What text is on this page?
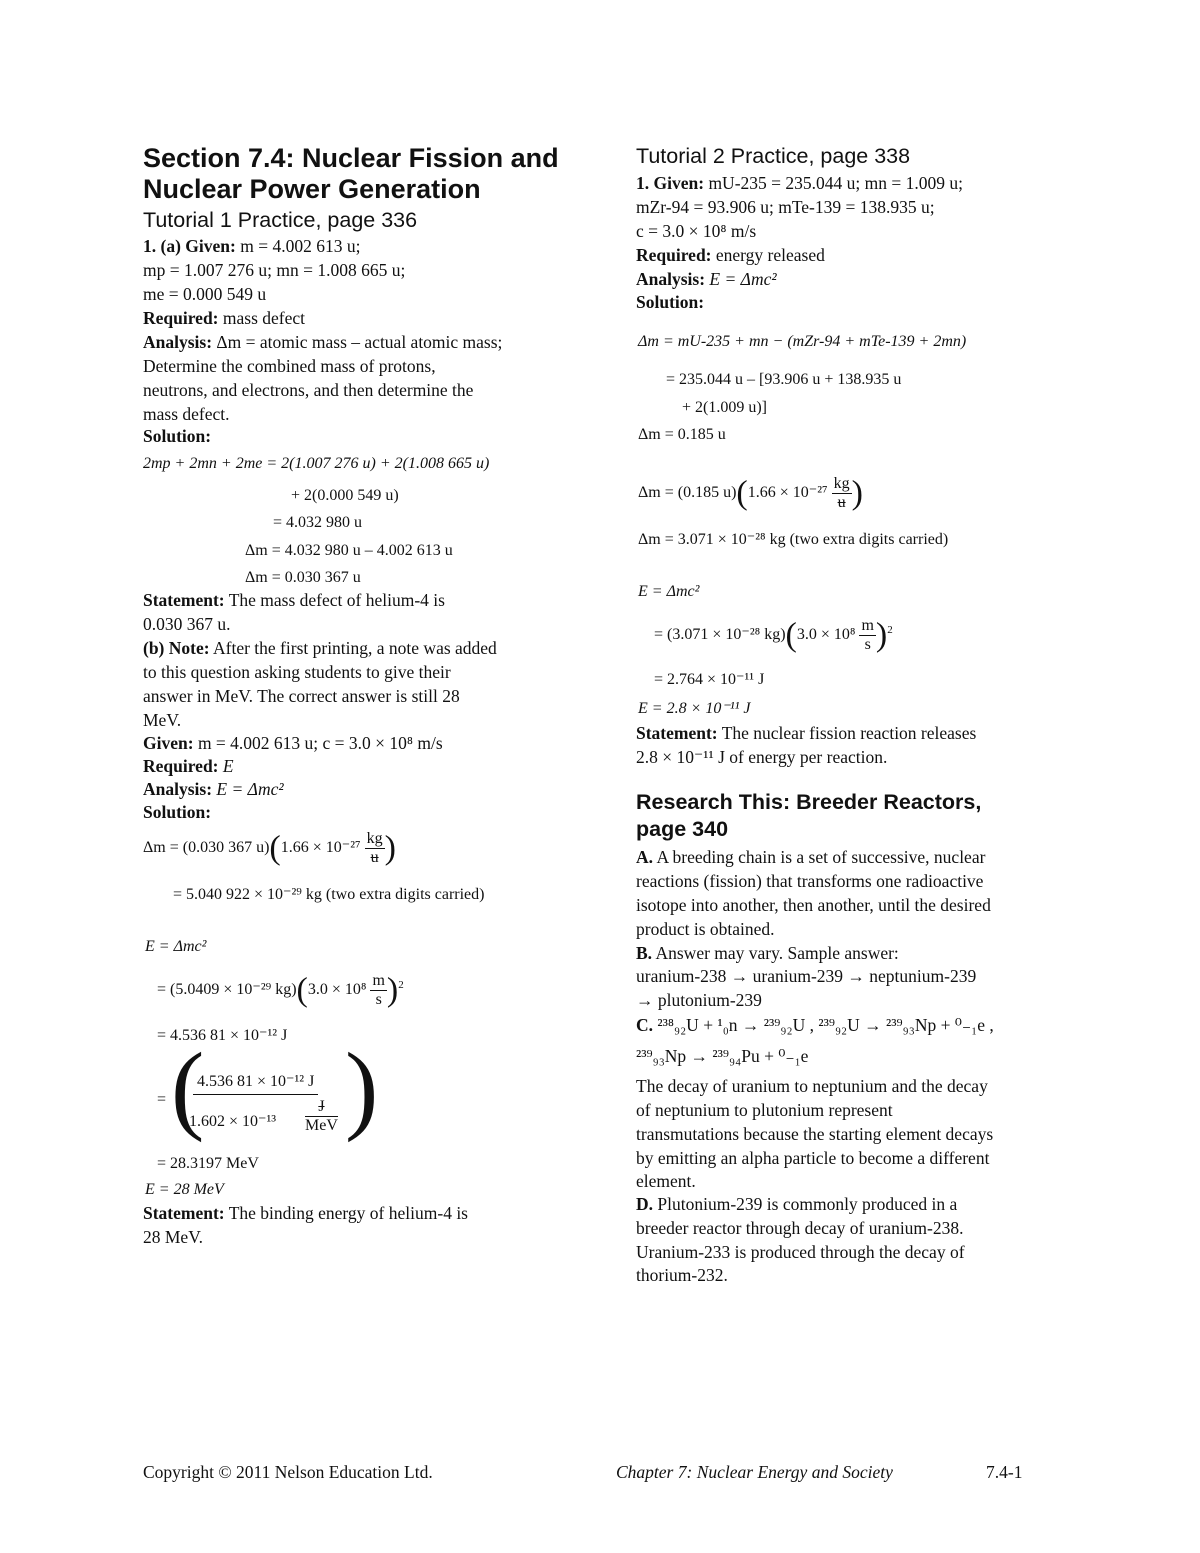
Section 7.4: Nuclear Fission and
Nuclear Power Generation
Tutorial 1 Practice, page 336
1. (a) Given: m = 4.002 613 u;
mp = 1.007 276 u; mn = 1.008 665 u;
me = 0.000 549 u
Required: mass defect
Analysis: Δm = atomic mass – actual atomic mass;
Determine the combined mass of protons,
neutrons, and electrons, and then determine the
mass defect.
Solution:
2mp + 2mn + 2me = 2(1.007 276 u) + 2(1.008 665 u)
+ 2(0.000 549 u)
= 4.032 980 u
Δm = 4.032 980 u – 4.002 613 u
Δm = 0.030 367 u
Statement: The mass defect of helium-4 is
0.030 367 u.
(b) Note: After the first printing, a note was added
to this question asking students to give their
answer in MeV. The correct answer is still 28
MeV.
Given: m = 4.002 613 u; c = 3.0 × 10⁸ m/s
Required: E
Analysis: E = Δmc²
Solution:
Δm = (0.030 367 $u)(1.66 \times 10^{-27} \frac{kg}{u}$ )
= 5.040 922 × 10⁻²⁹ kg (two extra digits carried)
E = Δmc²
= (5.0409 × 10⁻²⁹ $kg)(3.0 \times 10^8 \frac{m}{s} )^2$
= 4.536 81 × 10⁻¹² J
= (
4.536 81 × 10⁻¹² J
1.602 × 10⁻¹³
J
MeV )
= 28.3197 MeV
E = 28 MeV
Statement: The binding energy of helium-4 is
28 MeV.
Tutorial 2 Practice, page 338
1. Given: mU-235 = 235.044 u; mn = 1.009 u;
mZr-94 = 93.906 u; mTe-139 = 138.935 u;
c = 3.0 × 10⁸ m/s
Required: energy released
Analysis: E = Δmc²
Solution:
Δm = mU-235 + mn − (mZr-94 + mTe-139 + 2mn)
= 235.044 u – [93.906 u + 138.935 u
+ 2(1.009 u)]
Δm = 0.185 u
Δm = (0.185 $u)(1.66 \times 10^{-27} \frac{kg}{u}$ )
Δm = 3.071 × 10⁻²⁸ kg (two extra digits carried)
E = Δmc²
= (3.071 × 10⁻²⁸ $kg)(3.0 \times 10^8 \frac{m}{s} )^2$
= 2.764 × 10⁻¹¹ J
E = 2.8 × 10⁻¹¹ J
Statement: The nuclear fission reaction releases
2.8 × 10⁻¹¹ J of energy per reaction.
Research This: Breeder Reactors,
page 340
A. A breeding chain is a set of successive, nuclear
reactions (fission) that transforms one radioactive
isotope into another, then another, until the desired
product is obtained.
B. Answer may vary. Sample answer:
uranium-238 → uranium-239 → neptunium-239
→ plutonium-239
C. ²³⁸₉₂U + ¹₀n → ²³⁹₉₂U , ²³⁹₉₂U → ²³⁹₉₃Np + ⁰₋₁e ,
²³⁹₉₃Np → ²³⁹₉₄Pu + ⁰₋₁e
The decay of uranium to neptunium and the decay
of neptunium to plutonium represent
transmutations because the starting element decays
by emitting an alpha particle to become a different
element.
D. Plutonium-239 is commonly produced in a
breeder reactor through decay of uranium-238.
Uranium-233 is produced through the decay of
thorium-232.
Copyright © 2011 Nelson Education Ltd.	Chapter 7: Nuclear Energy and Society	7.4-1
